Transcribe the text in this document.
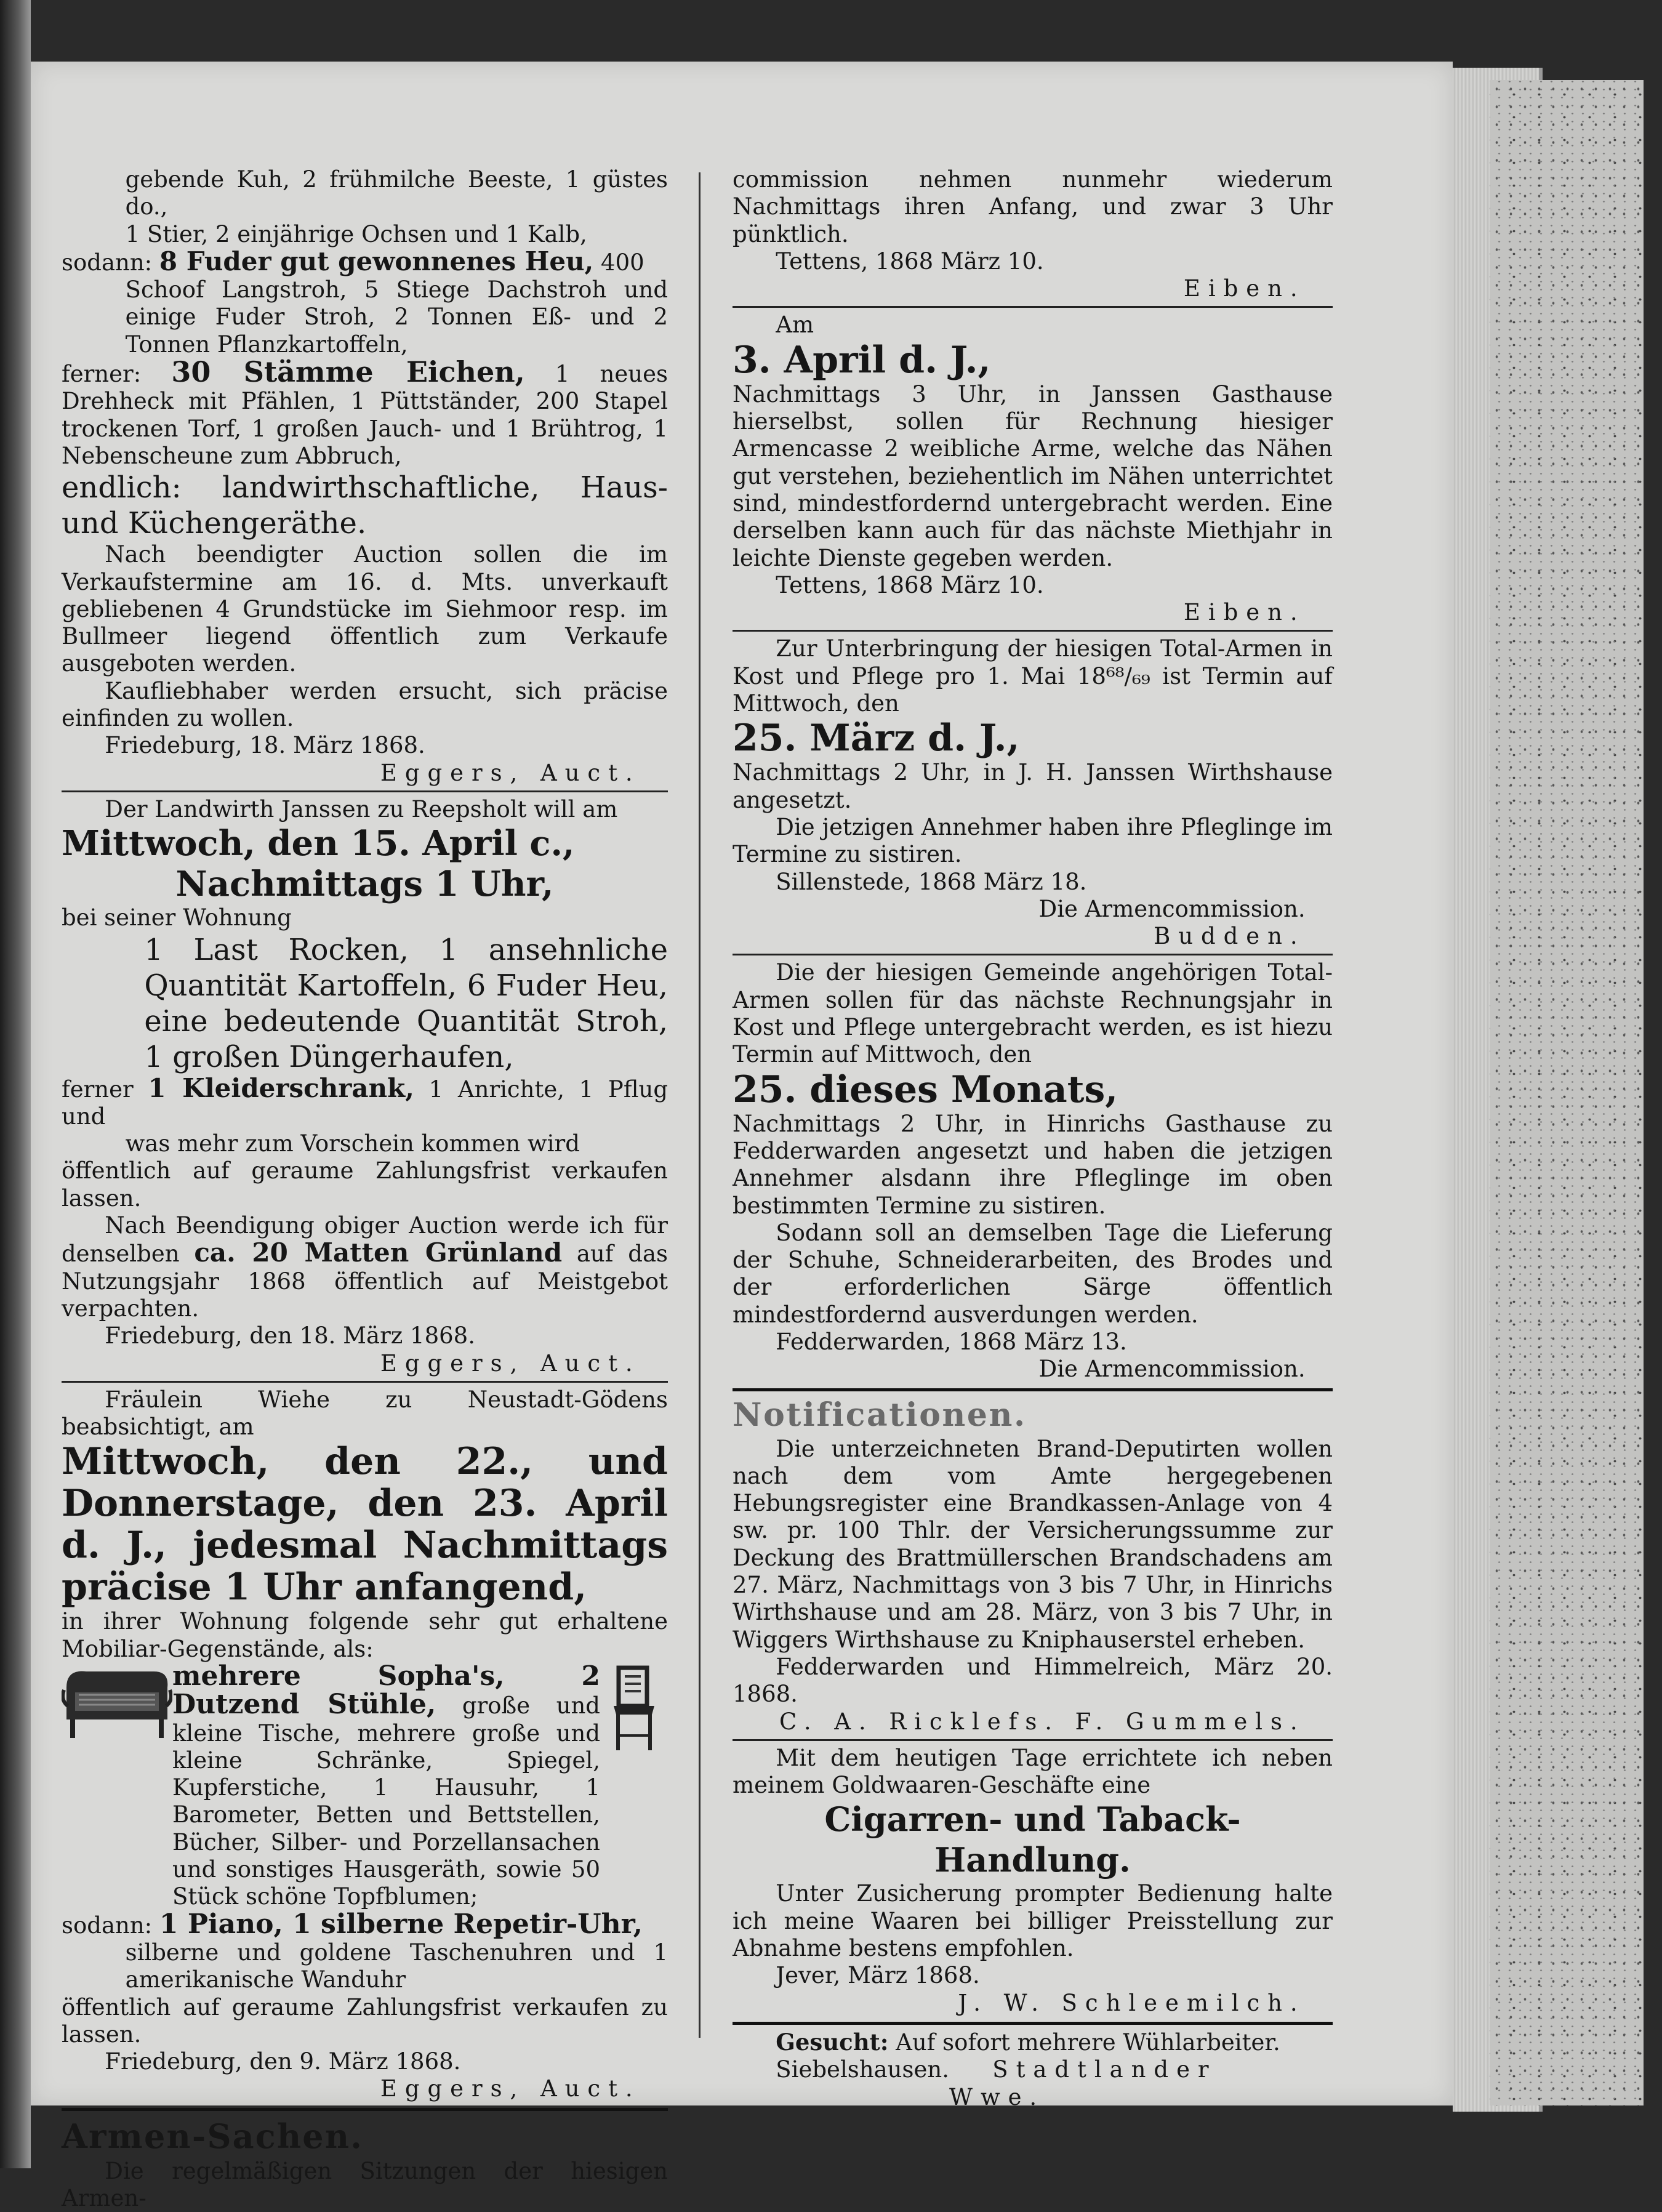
gebende Kuh, 2 frühmilche Beeste, 1 güstes do.,

1 Stier, 2 einjährige Ochsen und 1 Kalb,

sodann: 8 Fuder gut gewonnenes Heu, 400

Schoof Langstroh, 5 Stiege Dachstroh und einige Fuder Stroh, 2 Tonnen Eß- und 2 Tonnen Pflanzkartoffeln,

ferner: 30 Stämme Eichen, 1 neues Drehheck mit Pfählen, 1 Püttständer, 200 Stapel trockenen Torf, 1 großen Jauch- und 1 Brühtrog, 1 Nebenscheune zum Abbruch,

endlich: landwirthschaftliche, Haus- und Küchengeräthe.

Nach beendigter Auction sollen die im Verkaufstermine am 16. d. Mts. unverkauft gebliebenen 4 Grundstücke im Siehmoor resp. im Bullmeer liegend öffentlich zum Verkaufe ausgeboten werden.

Kaufliebhaber werden ersucht, sich präcise einfinden zu wollen.

Friedeburg, 18. März 1868.

Eggers, Auct.

Der Landwirth Janssen zu Reepsholt will am

Mittwoch, den 15. April c.,

Nachmittags 1 Uhr,

bei seiner Wohnung

1 Last Rocken, 1 ansehnliche Quantität Kartoffeln, 6 Fuder Heu, eine bedeutende Quantität Stroh, 1 großen Düngerhaufen,

ferner 1 Kleiderschrank, 1 Anrichte, 1 Pflug und

was mehr zum Vorschein kommen wird

öffentlich auf geraume Zahlungsfrist verkaufen lassen.

Nach Beendigung obiger Auction werde ich für denselben ca. 20 Matten Grünland auf das Nutzungsjahr 1868 öffentlich auf Meistgebot verpachten.

Friedeburg, den 18. März 1868.

Eggers, Auct.

Fräulein Wiehe zu Neustadt-Gödens beabsichtigt, am

Mittwoch, den 22., und Donnerstage, den 23. April d. J., jedesmal Nachmittags präcise 1 Uhr anfangend,

in ihrer Wohnung folgende sehr gut erhaltene Mobiliar-Gegenstände, als:

mehrere Sopha's, 2 Dutzend Stühle, große und kleine Tische, mehrere große und kleine Schränke, Spiegel, Kupferstiche, 1 Hausuhr, 1 Barometer, Betten und Bettstellen, Bücher, Silber- und Porzellansachen und sonstiges Hausgeräth, sowie 50 Stück schöne Topfblumen;

sodann: 1 Piano, 1 silberne Repetir-Uhr,

silberne und goldene Taschenuhren und 1 amerikanische Wanduhr

öffentlich auf geraume Zahlungsfrist verkaufen zu lassen.

Friedeburg, den 9. März 1868.

Eggers, Auct.

Armen-Sachen.

Die regelmäßigen Sitzungen der hiesigen Armen-

commission nehmen nunmehr wiederum Nachmittags ihren Anfang, und zwar 3 Uhr pünktlich.

Tettens, 1868 März 10.

Eiben.

Am

3. April d. J.,

Nachmittags 3 Uhr, in Janssen Gasthause hierselbst, sollen für Rechnung hiesiger Armencasse 2 weibliche Arme, welche das Nähen gut verstehen, beziehentlich im Nähen unterrichtet sind, mindestfordernd untergebracht werden. Eine derselben kann auch für das nächste Miethjahr in leichte Dienste gegeben werden.

Tettens, 1868 März 10.

Eiben.

Zur Unterbringung der hiesigen Total-Armen in Kost und Pflege pro 1. Mai 18⁶⁸/₆₉ ist Termin auf Mittwoch, den

25. März d. J.,

Nachmittags 2 Uhr, in J. H. Janssen Wirthshause angesetzt.

Die jetzigen Annehmer haben ihre Pfleglinge im Termine zu sistiren.

Sillenstede, 1868 März 18.

Die Armencommission.

Budden.

Die der hiesigen Gemeinde angehörigen Total-Armen sollen für das nächste Rechnungsjahr in Kost und Pflege untergebracht werden, es ist hiezu Termin auf Mittwoch, den

25. dieses Monats,

Nachmittags 2 Uhr, in Hinrichs Gasthause zu Fedderwarden angesetzt und haben die jetzigen Annehmer alsdann ihre Pfleglinge im oben bestimmten Termine zu sistiren.

Sodann soll an demselben Tage die Lieferung der Schuhe, Schneiderarbeiten, des Brodes und der erforderlichen Särge öffentlich mindestfordernd ausverdungen werden.

Fedderwarden, 1868 März 13.

Die Armencommission.

Notificationen.

Die unterzeichneten Brand-Deputirten wollen nach dem vom Amte hergegebenen Hebungsregister eine Brandkassen-Anlage von 4 sw. pr. 100 Thlr. der Versicherungssumme zur Deckung des Brattmüllerschen Brandschadens am 27. März, Nachmittags von 3 bis 7 Uhr, in Hinrichs Wirthshause und am 28. März, von 3 bis 7 Uhr, in Wiggers Wirthshause zu Kniphauserstel erheben.

Fedderwarden und Himmelreich, März 20. 1868.

C. A. Ricklefs. F. Gummels.

Mit dem heutigen Tage errichtete ich neben meinem Goldwaaren-Geschäfte eine

Cigarren- und Taback-Handlung.

Unter Zusicherung prompter Bedienung halte ich meine Waaren bei billiger Preisstellung zur Abnahme bestens empfohlen.

Jever, März 1868.

J. W. Schleemilch.

Gesucht: Auf sofort mehrere Wühlarbeiter.

Siebelshausen.	Stadtlander Wwe.
